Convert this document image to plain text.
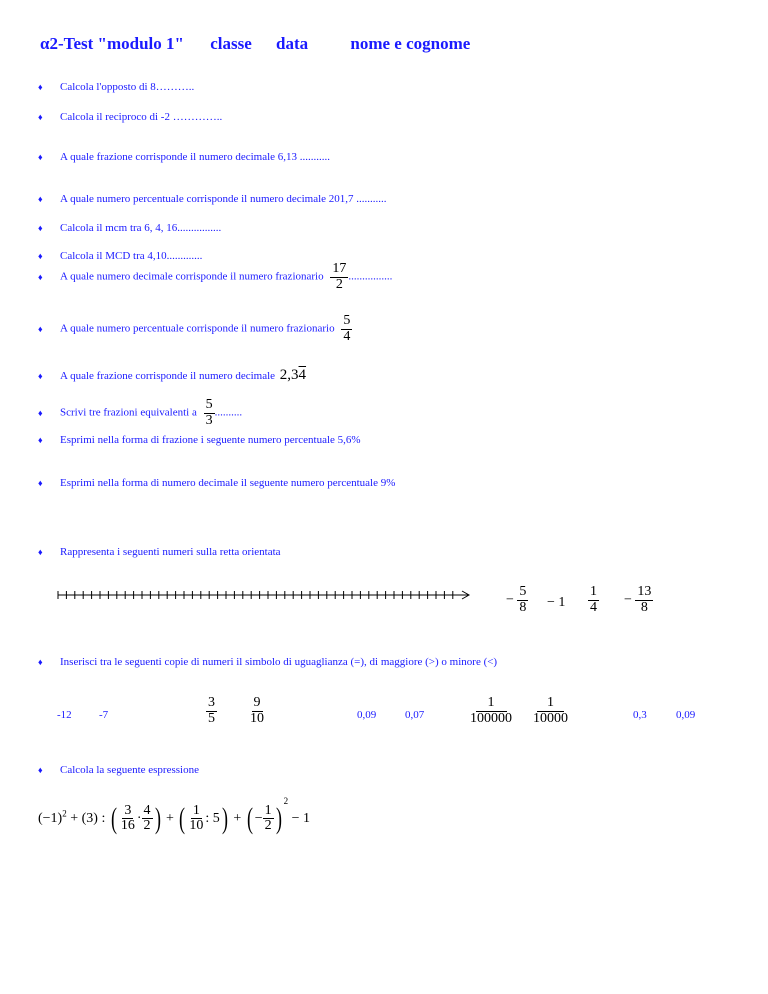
α2-Test "modulo 1" classe data nome e cognome
♦ Calcola l'opposto di 8………..
♦ Calcola il reciproco di -2 …………..
♦ A quale frazione corrisponde il numero decimale 6,13 ...........
♦ A quale numero percentuale corrisponde il numero decimale 201,7 ...........
♦ Calcola il mcm tra 6, 4, 16................
♦ Calcola il MCD tra 4,10.............
♦ A quale numero decimale corrisponde il numero frazionario $\frac{17}{2}$ ................
♦ A quale numero percentuale corrisponde il numero frazionario $\frac{5}{4}$
♦ A quale frazione corrisponde il numero decimale 2,34
♦ Scrivi tre frazioni equivalenti a $\frac{5}{3}$ ..........
♦ Esprimi nella forma di frazione i seguente numero percentuale 5,6%
♦ Esprimi nella forma di numero decimale il seguente numero percentuale 9%
♦ Rappresenta i seguenti numeri sulla retta orientata
− $\frac{5}{8} - 1 \frac{1}{4} - \frac{13}{8}$
♦ Inserisci tra le seguenti copie di numeri il simbolo di uguaglianza (=), di maggiore (>) o minore (<)
-12 -7	$\frac{3}{5} \frac{9}{10}$	0,09	0,07	$\frac{1}{100000} \frac{1}{10000}$	0,3	0,09
♦ Calcola la seguente espressione
$(-1)^2 + (3)$ : ( $\frac{3}{16} \cdot \frac{4}{2}$ ) + ( $\frac{1}{10}$ : 5) + ( − $\frac{1}{2} )^2 - 1$
